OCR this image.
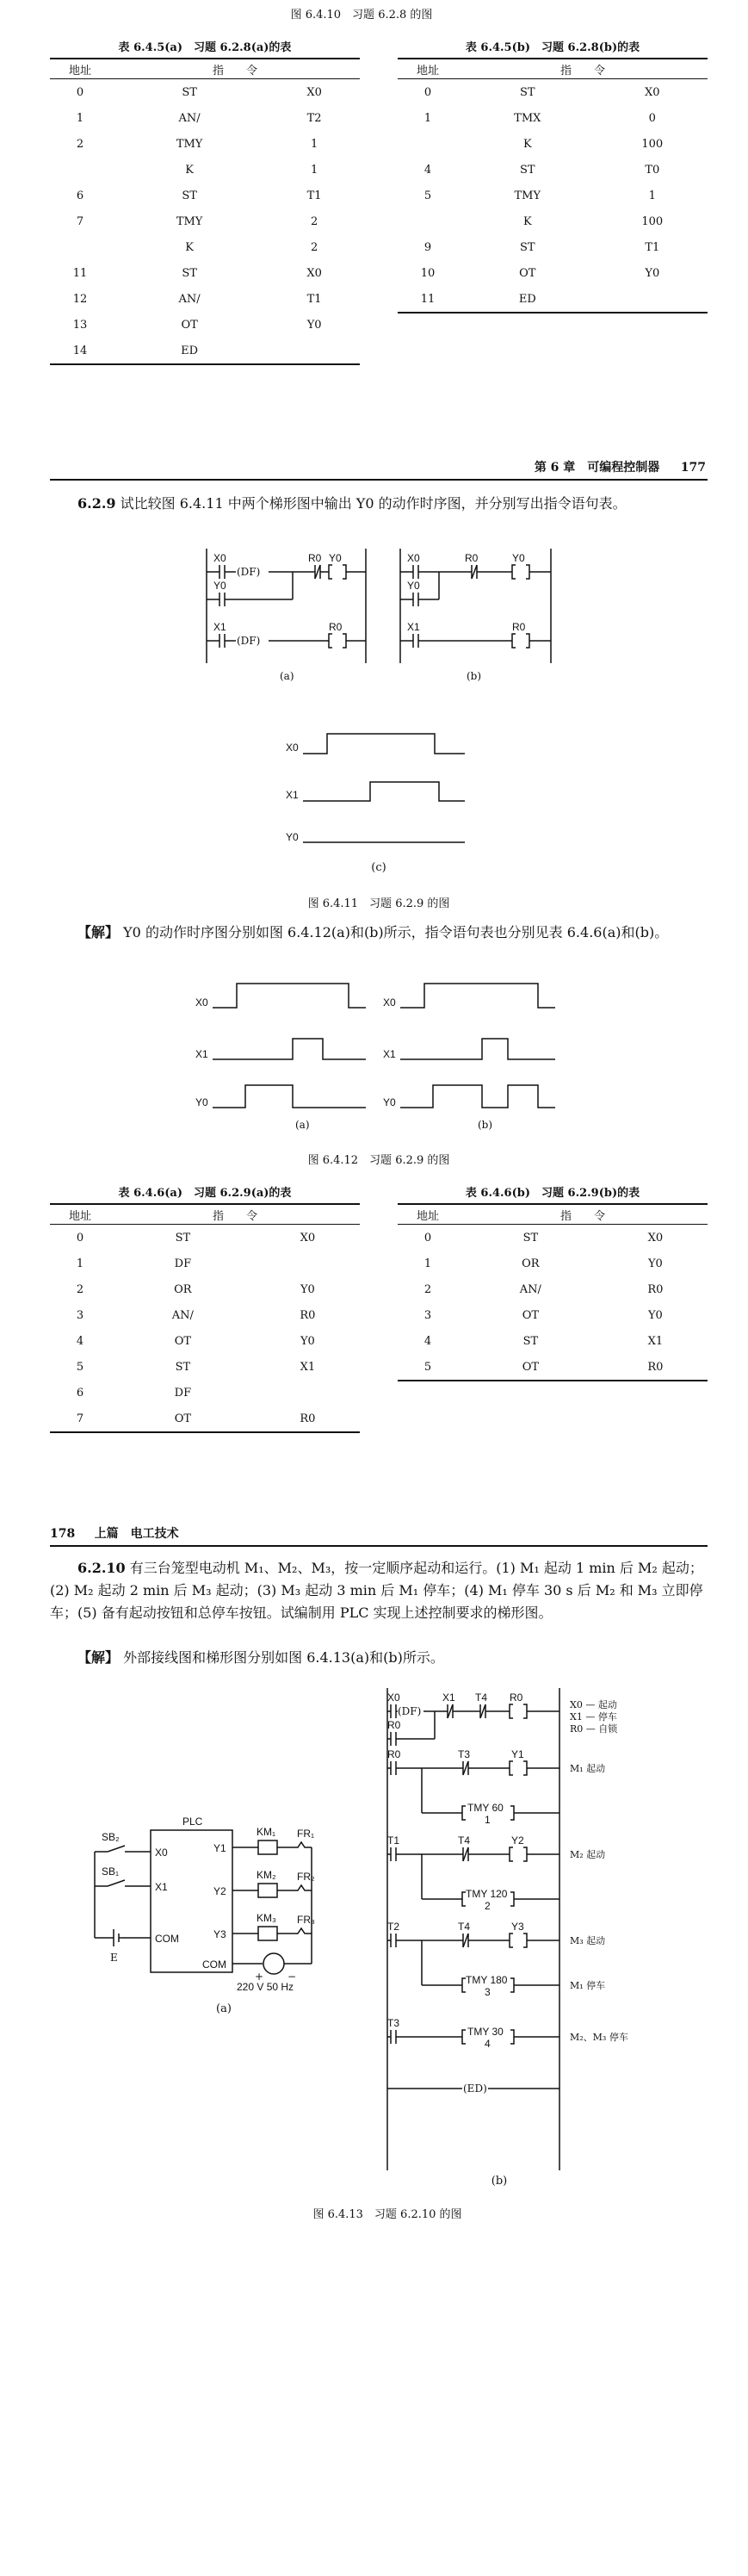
图 6.4.10　习题 6.2.8 的图
表 6.4.5(a)　习题 6.2.8(a)的表
地址	指　　令	
0	ST	X0
1	AN/	T2
2	TMY	1
	K	1
6	ST	T1
7	TMY	2
	K	2
11	ST	X0
12	AN/	T1
13	OT	Y0
14	ED	
表 6.4.5(b)　习题 6.2.8(b)的表
地址	指　　令	
0	ST	X0
1	TMX	0
	K	100
4	ST	T0
5	TMY	1
	K	100
9	ST	T1
10	OT	Y0
11	ED	
第 6 章　可编程控制器 177
6.2.9 试比较图 6.4.11 中两个梯形图中输出 Y0 的动作时序图，并分别写出指令语句表。
X0
(DF)
R0 Y0
Y0
X1
(DF)
R0
(a)
X0	R0	Y0
Y0
X1	R0
(b)
X0
X1
Y0
(c)
图 6.4.11　习题 6.2.9 的图
【解】 Y0 的动作时序图分别如图 6.4.12(a)和(b)所示，指令语句表也分别见表 6.4.6(a)和(b)。
X0
X1
Y0
X0
X1
Y0
(a)	(b)
图 6.4.12　习题 6.2.9 的图
表 6.4.6(a)　习题 6.2.9(a)的表
地址	指　　令	
0	ST	X0
1	DF	
2	OR	Y0
3	AN/	R0
4	OT	Y0
5	ST	X1
6	DF	
7	OT	R0
表 6.4.6(b)　习题 6.2.9(b)的表
地址	指　　令	
0	ST	X0
1	OR	Y0
2	AN/	R0
3	OT	Y0
4	ST	X1
5	OT	R0
178 上篇　电工技术
6.2.10 有三台笼型电动机 M₁、M₂、M₃，按一定顺序起动和运行。(1) M₁ 起动 1 min 后 M₂ 起动；(2) M₂ 起动 2 min 后 M₃ 起动；(3) M₃ 起动 3 min 后 M₁ 停车；(4) M₁ 停车 30 s 后 M₂ 和 M₃ 立即停车；(5) 备有起动按钮和总停车按钮。试编制用 PLC 实现上述控制要求的梯形图。
【解】 外部接线图和梯形图分别如图 6.4.13(a)和(b)所示。
PLC
SB₂
SB₁
X0
X1
COM
E
Y1
Y2
Y3
COM
KM₁
KM₂
KM₃
FR₁
FR₂
FR₃
+ −
220 V 50 Hz
(a)
X0
(DF)
X1 T4 R0
R0
R0	T3	Y1
TMY 60
1
T1	T4	Y2
TMY 120
2
T2	T4	Y3
TMY 180
3
T3
TMY 30
4
(ED)
X0 — 起动
X1 — 停车
R0 — 自锁
M₁ 起动
M₂ 起动
M₃ 起动
M₁ 停车
M₂、M₃ 停车
(b)
图 6.4.13　习题 6.2.10 的图
